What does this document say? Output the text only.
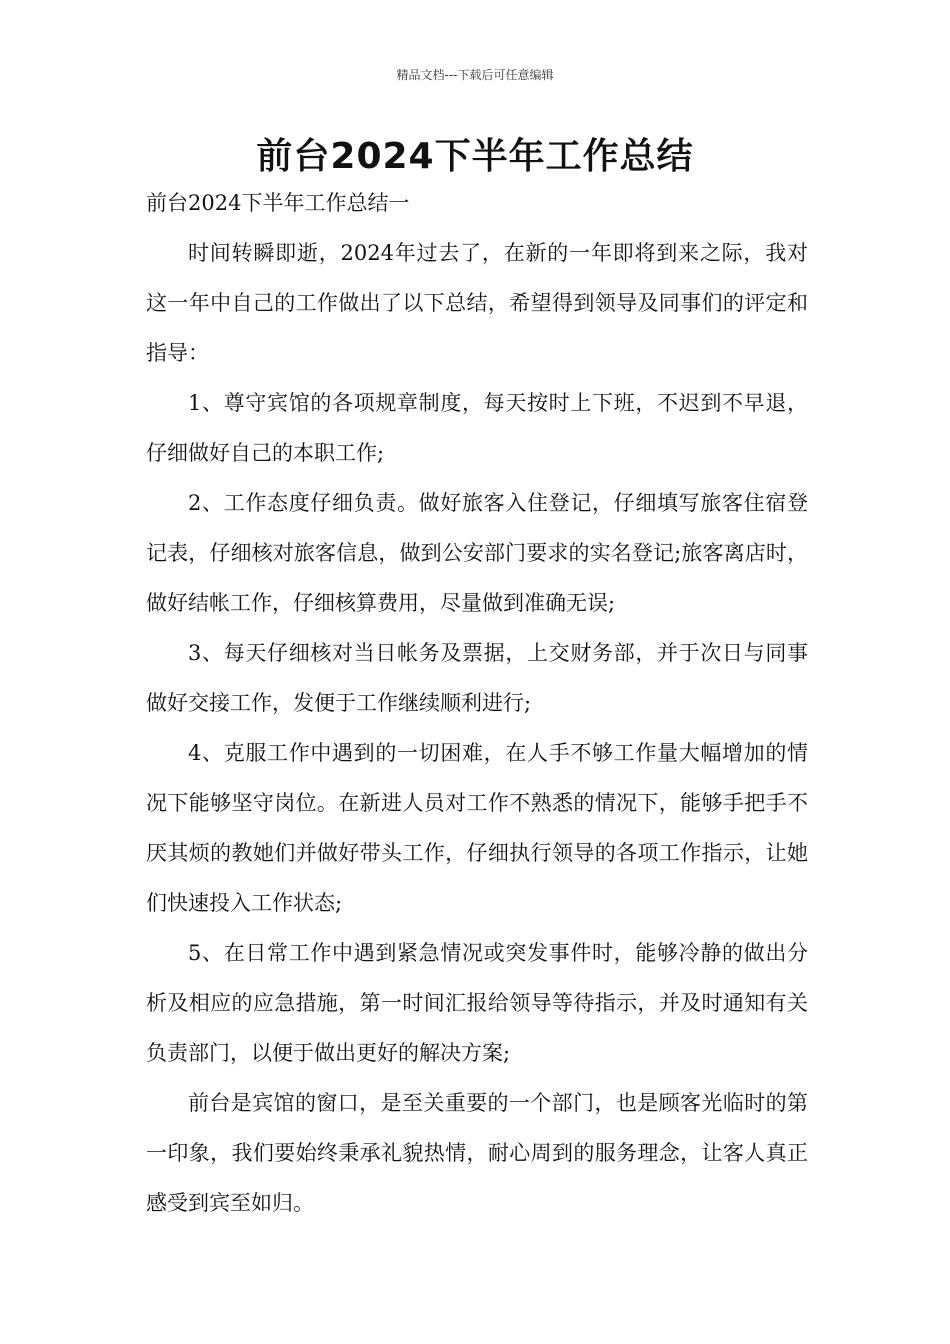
精品文档---下载后可任意编辑
前台2024下半年工作总结

前台2024下半年工作总结一

时间转瞬即逝，2024年过去了，在新的一年即将到来之际，我对这一年中自己的工作做出了以下总结，希望得到领导及同事们的评定和指导：

1、尊守宾馆的各项规章制度，每天按时上下班，不迟到不早退，仔细做好自己的本职工作;

2、工作态度仔细负责。做好旅客入住登记，仔细填写旅客住宿登记表，仔细核对旅客信息，做到公安部门要求的实名登记;旅客离店时，做好结帐工作，仔细核算费用，尽量做到准确无误;

3、每天仔细核对当日帐务及票据，上交财务部，并于次日与同事做好交接工作，发便于工作继续顺利进行;

4、克服工作中遇到的一切困难，在人手不够工作量大幅增加的情况下能够坚守岗位。在新进人员对工作不熟悉的情况下，能够手把手不厌其烦的教她们并做好带头工作，仔细执行领导的各项工作指示，让她们快速投入工作状态;

5、在日常工作中遇到紧急情况或突发事件时，能够冷静的做出分析及相应的应急措施，第一时间汇报给领导等待指示，并及时通知有关负责部门，以便于做出更好的解决方案;

前台是宾馆的窗口，是至关重要的一个部门，也是顾客光临时的第一印象，我们要始终秉承礼貌热情，耐心周到的服务理念，让客人真正感受到宾至如归。
